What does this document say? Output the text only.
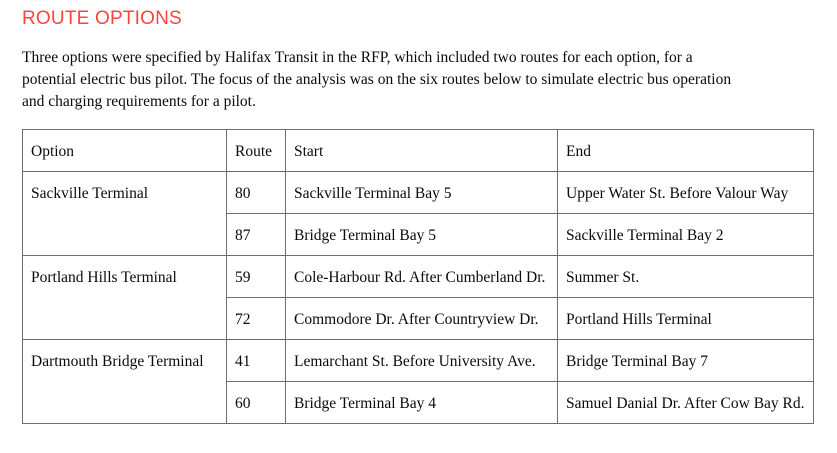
ROUTE OPTIONS

Three options were specified by Halifax Transit in the RFP, which included two routes for each option, for a potential electric bus pilot. The focus of the analysis was on the six routes below to simulate electric bus operation and charging requirements for a pilot.

Option	Route	Start	End
Sackville Terminal	80	Sackville Terminal Bay 5	Upper Water St. Before Valour Way
	87	Bridge Terminal Bay 5	Sackville Terminal Bay 2
Portland Hills Terminal	59	Cole-Harbour Rd. After Cumberland Dr.	Summer St.
	72	Commodore Dr. After Countryview Dr.	Portland Hills Terminal
Dartmouth Bridge Terminal	41	Lemarchant St. Before University Ave.	Bridge Terminal Bay 7
	60	Bridge Terminal Bay 4	Samuel Danial Dr. After Cow Bay Rd.
